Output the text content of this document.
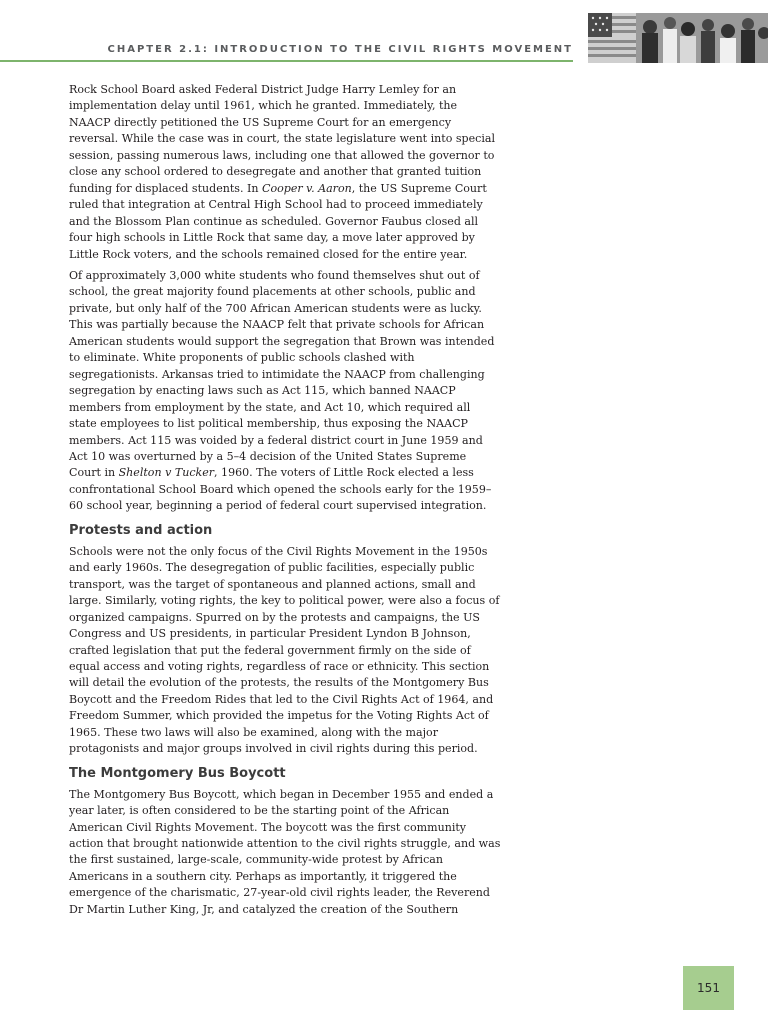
CHAPTER 2.1: INTRODUCTION TO THE CIVIL RIGHTS MOVEMENT

Rock School Board asked Federal District Judge Harry Lemley for an implementation delay until 1961, which he granted. Immediately, the NAACP directly petitioned the US Supreme Court for an emergency reversal. While the case was in court, the state legislature went into special session, passing numerous laws, including one that allowed the governor to close any school ordered to desegregate and another that granted tuition funding for displaced students. In Cooper v. Aaron, the US Supreme Court ruled that integration at Central High School had to proceed immediately and the Blossom Plan continue as scheduled. Governor Faubus closed all four high schools in Little Rock that same day, a move later approved by Little Rock voters, and the schools remained closed for the entire year.

Of approximately 3,000 white students who found themselves shut out of school, the great majority found placements at other schools, public and private, but only half of the 700 African American students were as lucky. This was partially because the NAACP felt that private schools for African American students would support the segregation that Brown was intended to eliminate. White proponents of public schools clashed with segregationists. Arkansas tried to intimidate the NAACP from challenging segregation by enacting laws such as Act 115, which banned NAACP members from employment by the state, and Act 10, which required all state employees to list political membership, thus exposing the NAACP members. Act 115 was voided by a federal district court in June 1959 and Act 10 was overturned by a 5–4 decision of the United States Supreme Court in Shelton v Tucker, 1960. The voters of Little Rock elected a less confrontational School Board which opened the schools early for the 1959–60 school year, beginning a period of federal court supervised integration.

Protests and action

Schools were not the only focus of the Civil Rights Movement in the 1950s and early 1960s. The desegregation of public facilities, especially public transport, was the target of spontaneous and planned actions, small and large. Similarly, voting rights, the key to political power, were also a focus of organized campaigns. Spurred on by the protests and campaigns, the US Congress and US presidents, in particular President Lyndon B Johnson, crafted legislation that put the federal government firmly on the side of equal access and voting rights, regardless of race or ethnicity. This section will detail the evolution of the protests, the results of the Montgomery Bus Boycott and the Freedom Rides that led to the Civil Rights Act of 1964, and Freedom Summer, which provided the impetus for the Voting Rights Act of 1965. These two laws will also be examined, along with the major protagonists and major groups involved in civil rights during this period.

The Montgomery Bus Boycott

The Montgomery Bus Boycott, which began in December 1955 and ended a year later, is often considered to be the starting point of the African American Civil Rights Movement. The boycott was the first community action that brought nationwide attention to the civil rights struggle, and was the first sustained, large-scale, community-wide protest by African Americans in a southern city. Perhaps as importantly, it triggered the emergence of the charismatic, 27-year-old civil rights leader, the Reverend Dr Martin Luther King, Jr, and catalyzed the creation of the Southern

151
